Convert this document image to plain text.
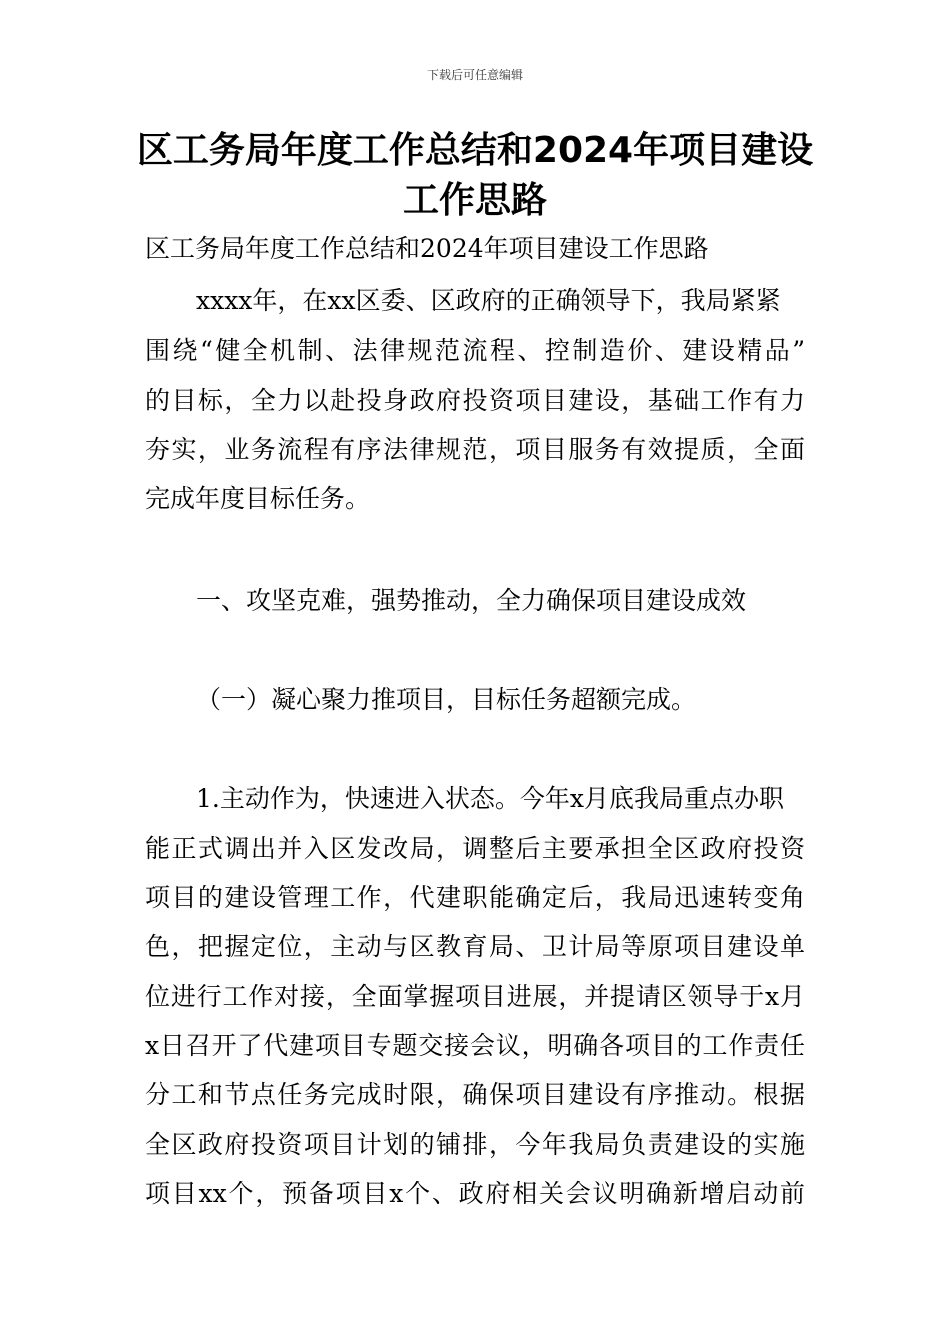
下载后可任意编辑
区工务局年度工作总结和2024年项目建设
工作思路
区工务局年度工作总结和2024年项目建设工作思路
xxxx年，在xx区委、区政府的正确领导下，我局紧紧
围绕“健全机制、法律规范流程、控制造价、建设精品”
的目标，全力以赴投身政府投资项目建设，基础工作有力
夯实，业务流程有序法律规范，项目服务有效提质，全面
完成年度目标任务。
一、攻坚克难，强势推动，全力确保项目建设成效
（一）凝心聚力推项目，目标任务超额完成。
1.主动作为，快速进入状态。今年x月底我局重点办职
能正式调出并入区发改局，调整后主要承担全区政府投资
项目的建设管理工作，代建职能确定后，我局迅速转变角
色，把握定位，主动与区教育局、卫计局等原项目建设单
位进行工作对接，全面掌握项目进展，并提请区领导于x月
x日召开了代建项目专题交接会议，明确各项目的工作责任
分工和节点任务完成时限，确保项目建设有序推动。根据
全区政府投资项目计划的铺排，今年我局负责建设的实施
项目xx个，预备项目x个、政府相关会议明确新增启动前
